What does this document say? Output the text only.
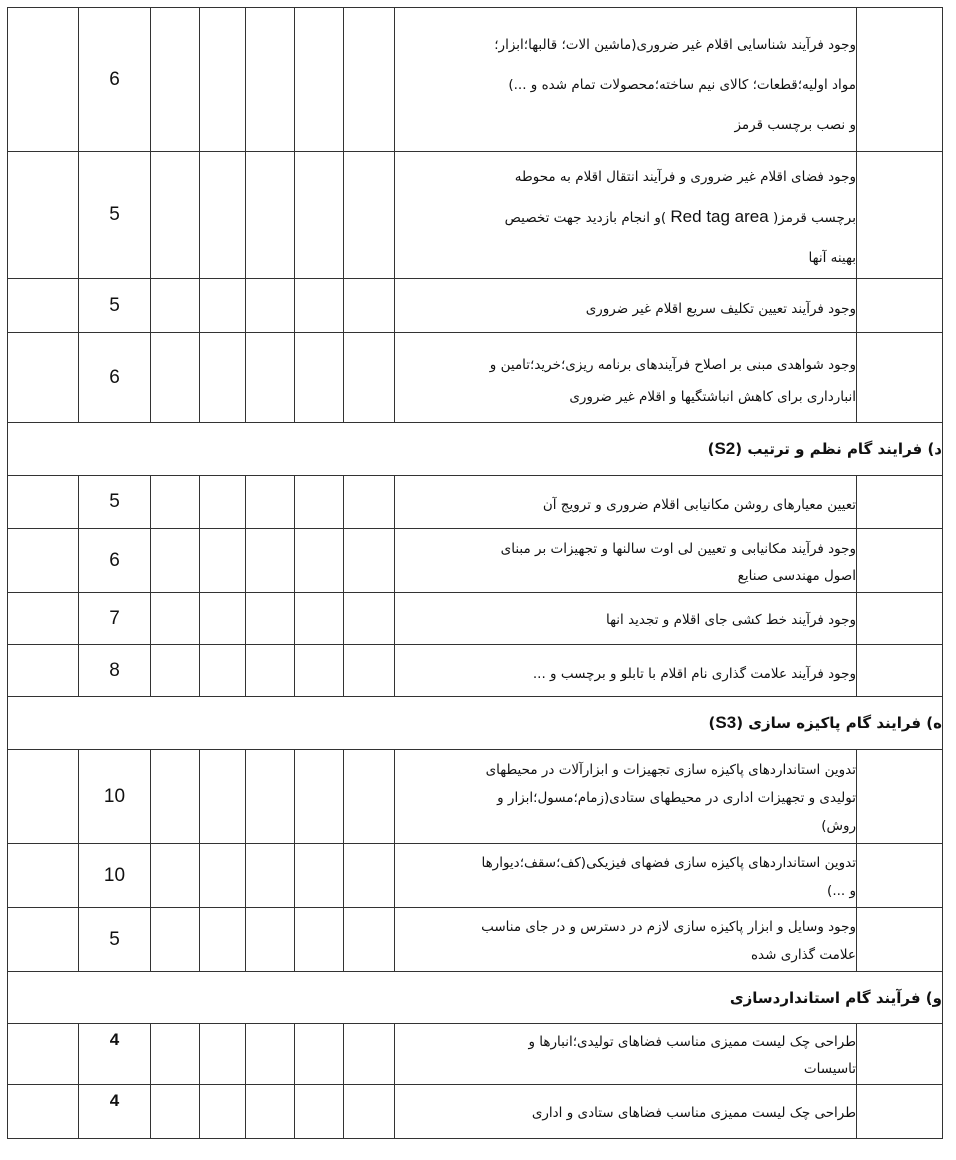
	6						وجود فرآیند شناسایی اقلام غیر ضروری(ماشین الات؛ قالبها؛ابزار؛
مواد اولیه؛قطعات؛ کالای نیم ساخته؛محصولات تمام شده و ...)
و نصب برچسب قرمز	

	5						وجود فضای اقلام غیر ضروری و فرآیند انتقال اقلام به محوطه
برچسب قرمز( Red tag area )و انجام بازدید جهت تخصیص
بهینه آنها	

	5						وجود فرآیند تعیین تکلیف سریع اقلام غیر ضروری	

	6						وجود شواهدی مبنی بر اصلاح فرآیندهای برنامه ریزی؛خرید؛تامین و
انبارداری برای کاهش انباشتگیها و اقلام غیر ضروری	

د) فرایند گام نظم و ترتیب (S2)								
	5						تعیین معیارهای روشن مکانیابی اقلام ضروری و ترویج آن	

	6						وجود فرآیند مکانیابی و تعیین لی اوت سالنها و تجهیزات بر مبنای
اصول مهندسی صنایع	

	7						وجود فرآیند خط کشی جای اقلام و تجدید انها	

	8						وجود فرآیند علامت گذاری نام اقلام با تابلو و برچسب و ...	

ه) فرایند گام پاکیزه سازی (S3)								
	10						تدوین استانداردهای پاکیزه سازی تجهیزات و ابزارآلات در محیطهای
تولیدی و تجهیزات اداری در محیطهای ستادی(زمام؛مسول؛ابزار و
روش)	

	10						تدوین استانداردهای پاکیزه سازی فضهای فیزیکی(کف؛سقف؛دیوارها
و ...)	

	5						وجود وسایل و ابزار پاکیزه سازی لازم در دسترس و در جای مناسب
علامت گذاری شده	

و) فرآیند گام استانداردسازی								
	4						طراحی چک لیست ممیزی مناسب فضاهای تولیدی؛انبارها و
تاسیسات	

	4						طراحی چک لیست ممیزی مناسب فضاهای ستادی و اداری	
